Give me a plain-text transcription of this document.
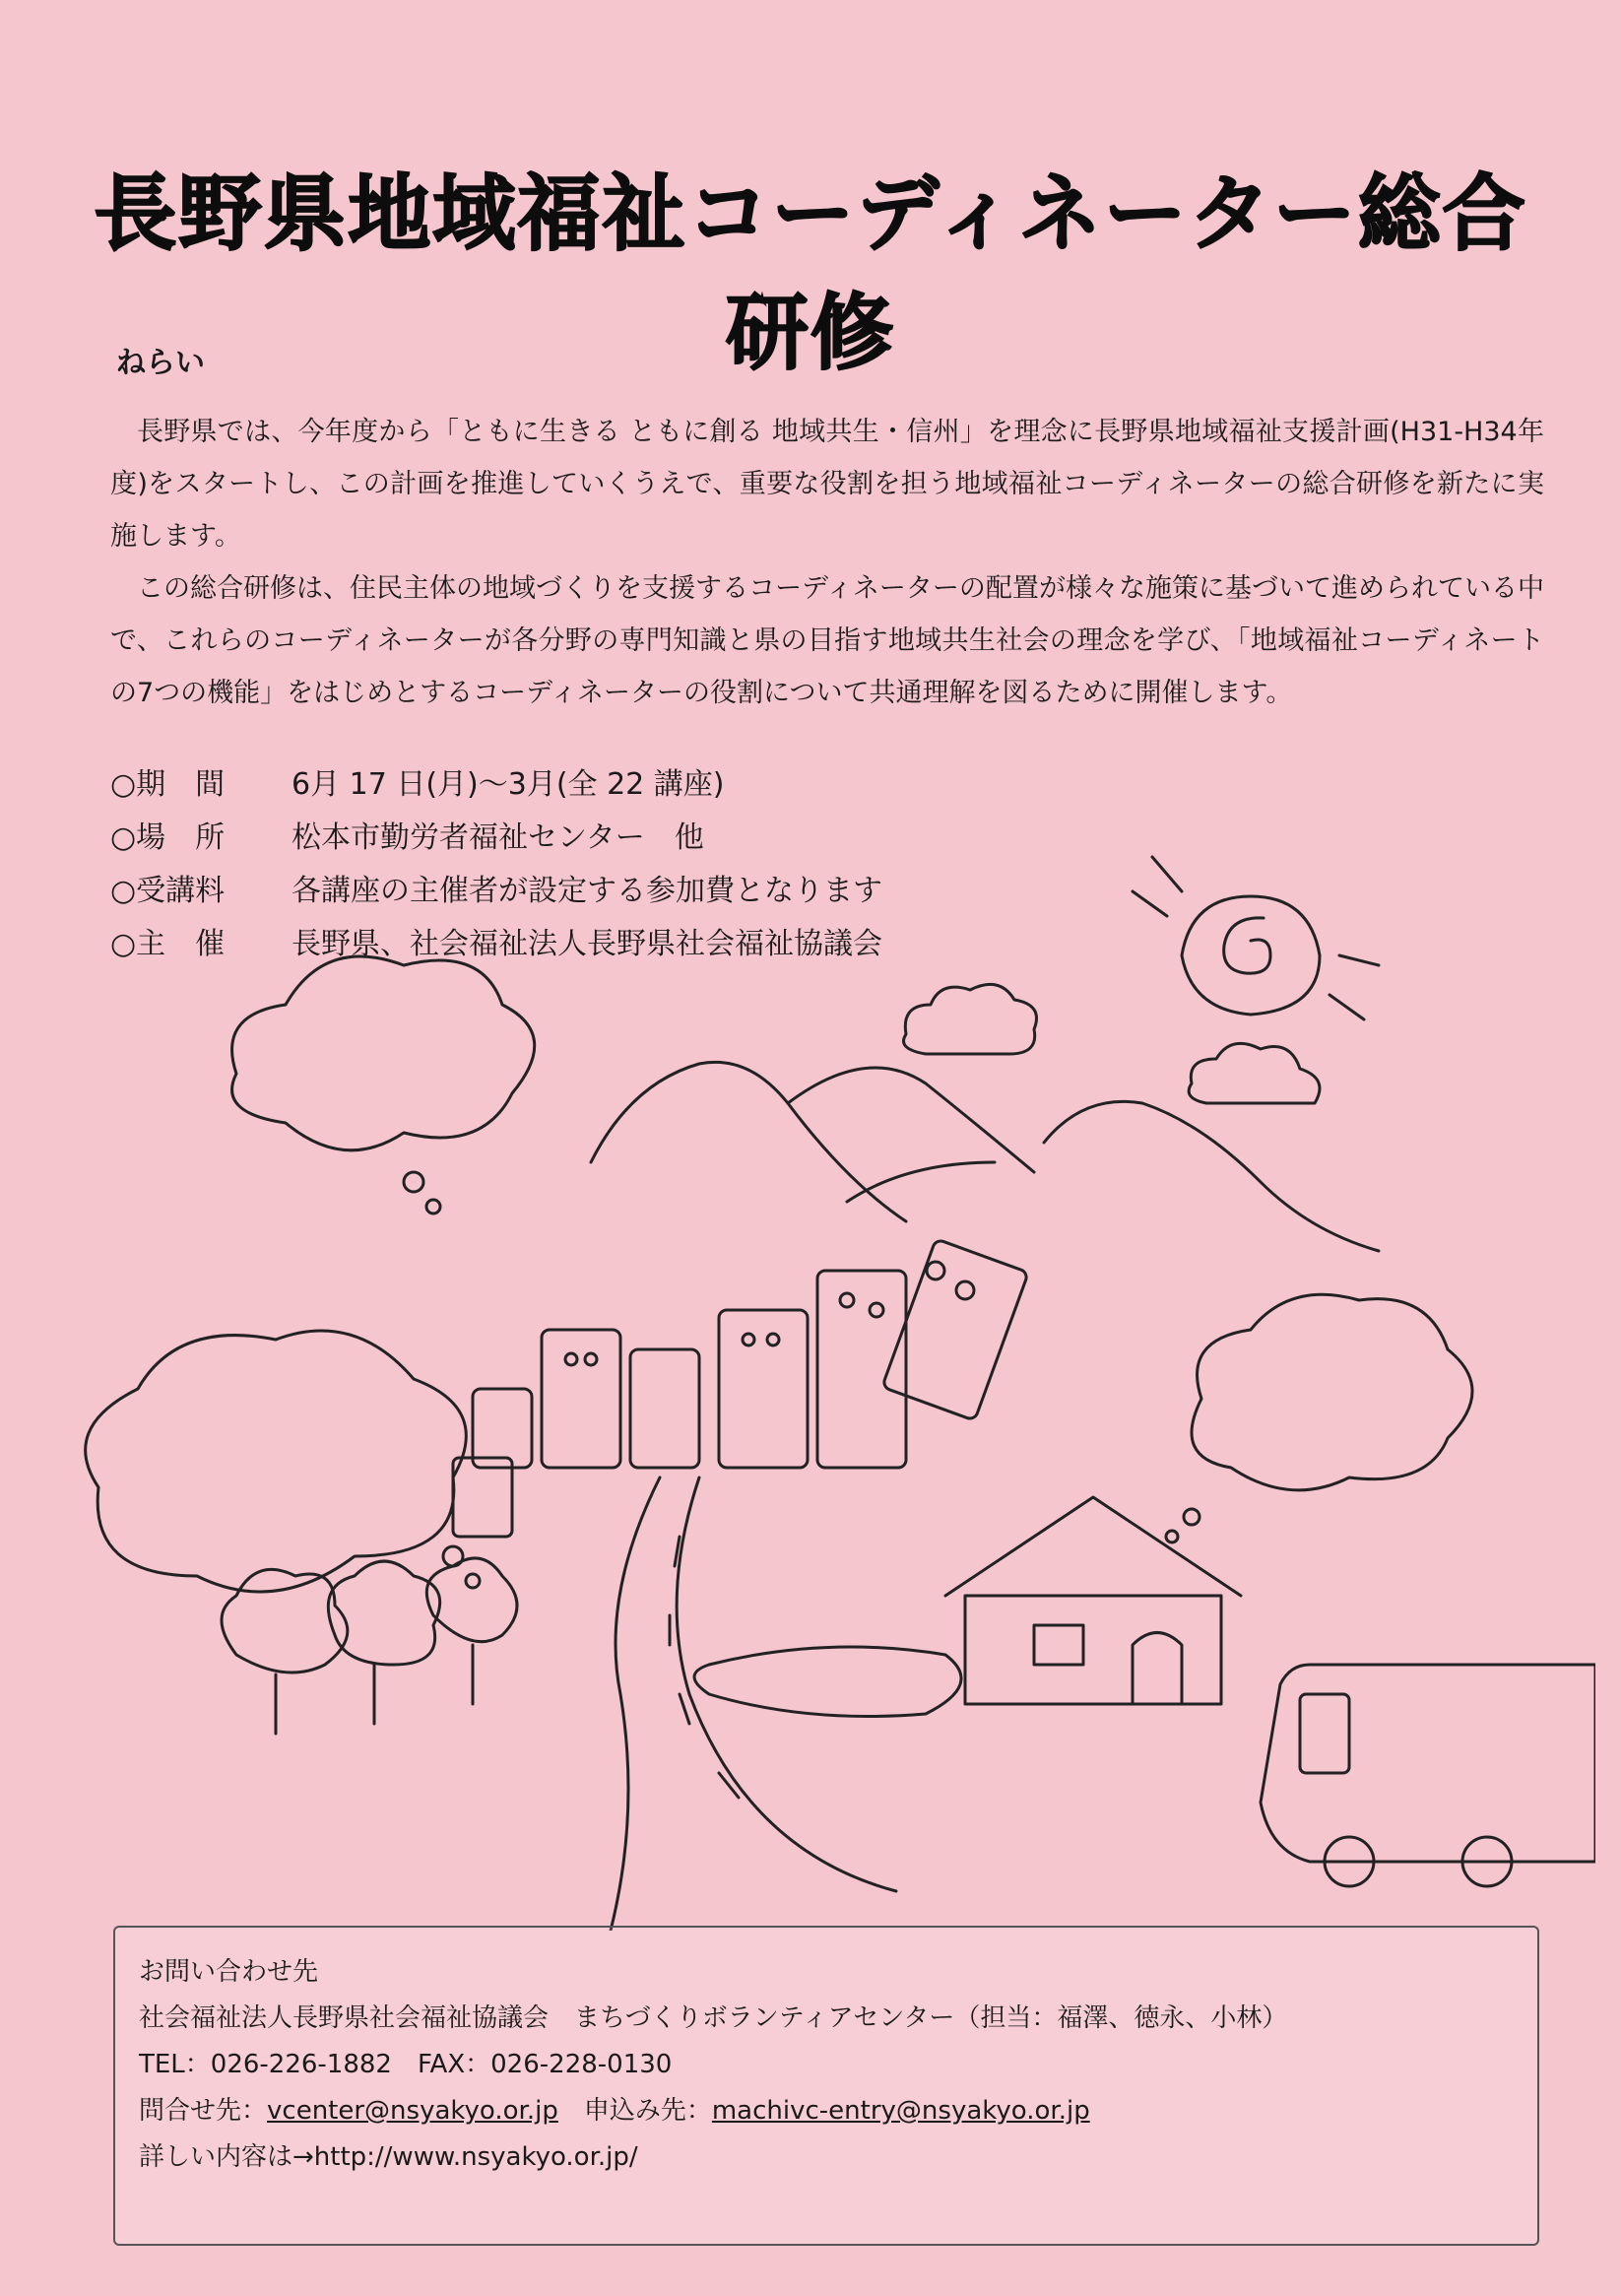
長野県地域福祉コーディネーター総合研修
ねらい

長野県では、今年度から「ともに生きる ともに創る 地域共生・信州」を理念に長野県地域福祉支援計画(H31-H34年度)をスタートし、この計画を推進していくうえで、重要な役割を担う地域福祉コーディネーターの総合研修を新たに実施します。

この総合研修は、住民主体の地域づくりを支援するコーディネーターの配置が様々な施策に基づいて進められている中で、これらのコーディネーターが各分野の専門知識と県の目指す地域共生社会の理念を学び、「地域福祉コーディネートの7つの機能」をはじめとするコーディネーターの役割について共通理解を図るために開催します。

○期　間	6月 17 日(月)～3月(全 22 講座)
○場　所	松本市勤労者福祉センター　他
○受講料	各講座の主催者が設定する参加費となります
○主　催	長野県、社会福祉法人長野県社会福祉協議会
お問い合わせ先
社会福祉法人長野県社会福祉協議会　まちづくりボランティアセンター（担当：福澤、徳永、小林）
TEL：026-226-1882　FAX：026-228-0130
問合せ先：vcenter@nsyakyo.or.jp　申込み先：machivc-entry@nsyakyo.or.jp
詳しい内容は→http://www.nsyakyo.or.jp/
